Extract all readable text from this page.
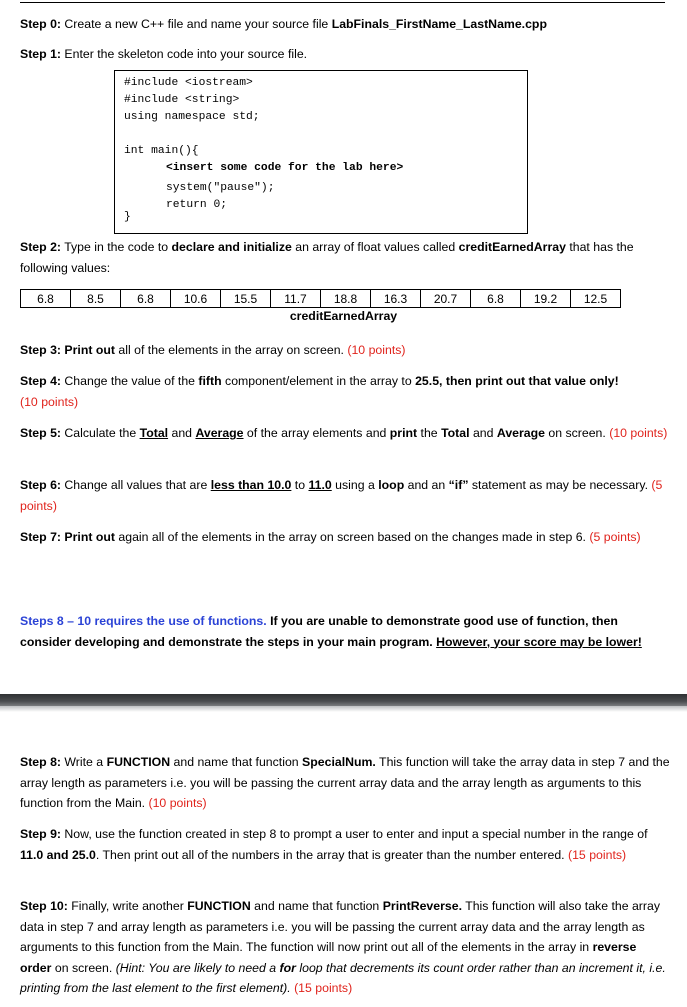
Step 0: Create a new C++ file and name your source file LabFinals_FirstName_LastName.cpp

Step 1: Enter the skeleton code into your source file.

#include <iostream>
#include <string>
using namespace std;
int main(){
<insert some code for the lab here>
system("pause");
return 0;
}

Step 2: Type in the code to declare and initialize an array of float values called creditEarnedArray that has the following values:

6.8	8.5	6.8	10.6	15.5	11.7	18.8	16.3	20.7	6.8	19.2	12.5
creditEarnedArray

Step 3: Print out all of the elements in the array on screen. (10 points)

Step 4: Change the value of the fifth component/element in the array to 25.5, then print out that value only!
(10 points)

Step 5: Calculate the Total and Average of the array elements and print the Total and Average on screen. (10 points)

Step 6: Change all values that are less than 10.0 to 11.0 using a loop and an “if” statement as may be necessary. (5 points)

Step 7: Print out again all of the elements in the array on screen based on the changes made in step 6. (5 points)

Steps 8 – 10 requires the use of functions. If you are unable to demonstrate good use of function, then consider developing and demonstrate the steps in your main program. However, your score may be lower!

Step 8: Write a FUNCTION and name that function SpecialNum. This function will take the array data in step 7 and the array length as parameters i.e. you will be passing the current array data and the array length as arguments to this function from the Main. (10 points)

Step 9: Now, use the function created in step 8 to prompt a user to enter and input a special number in the range of 11.0 and 25.0. Then print out all of the numbers in the array that is greater than the number entered. (15 points)

Step 10: Finally, write another FUNCTION and name that function PrintReverse. This function will also take the array data in step 7 and array length as parameters i.e. you will be passing the current array data and the array length as arguments to this function from the Main. The function will now print out all of the elements in the array in reverse order on screen. (Hint: You are likely to need a for loop that decrements its count order rather than an increment it, i.e. printing from the last element to the first element). (15 points)
